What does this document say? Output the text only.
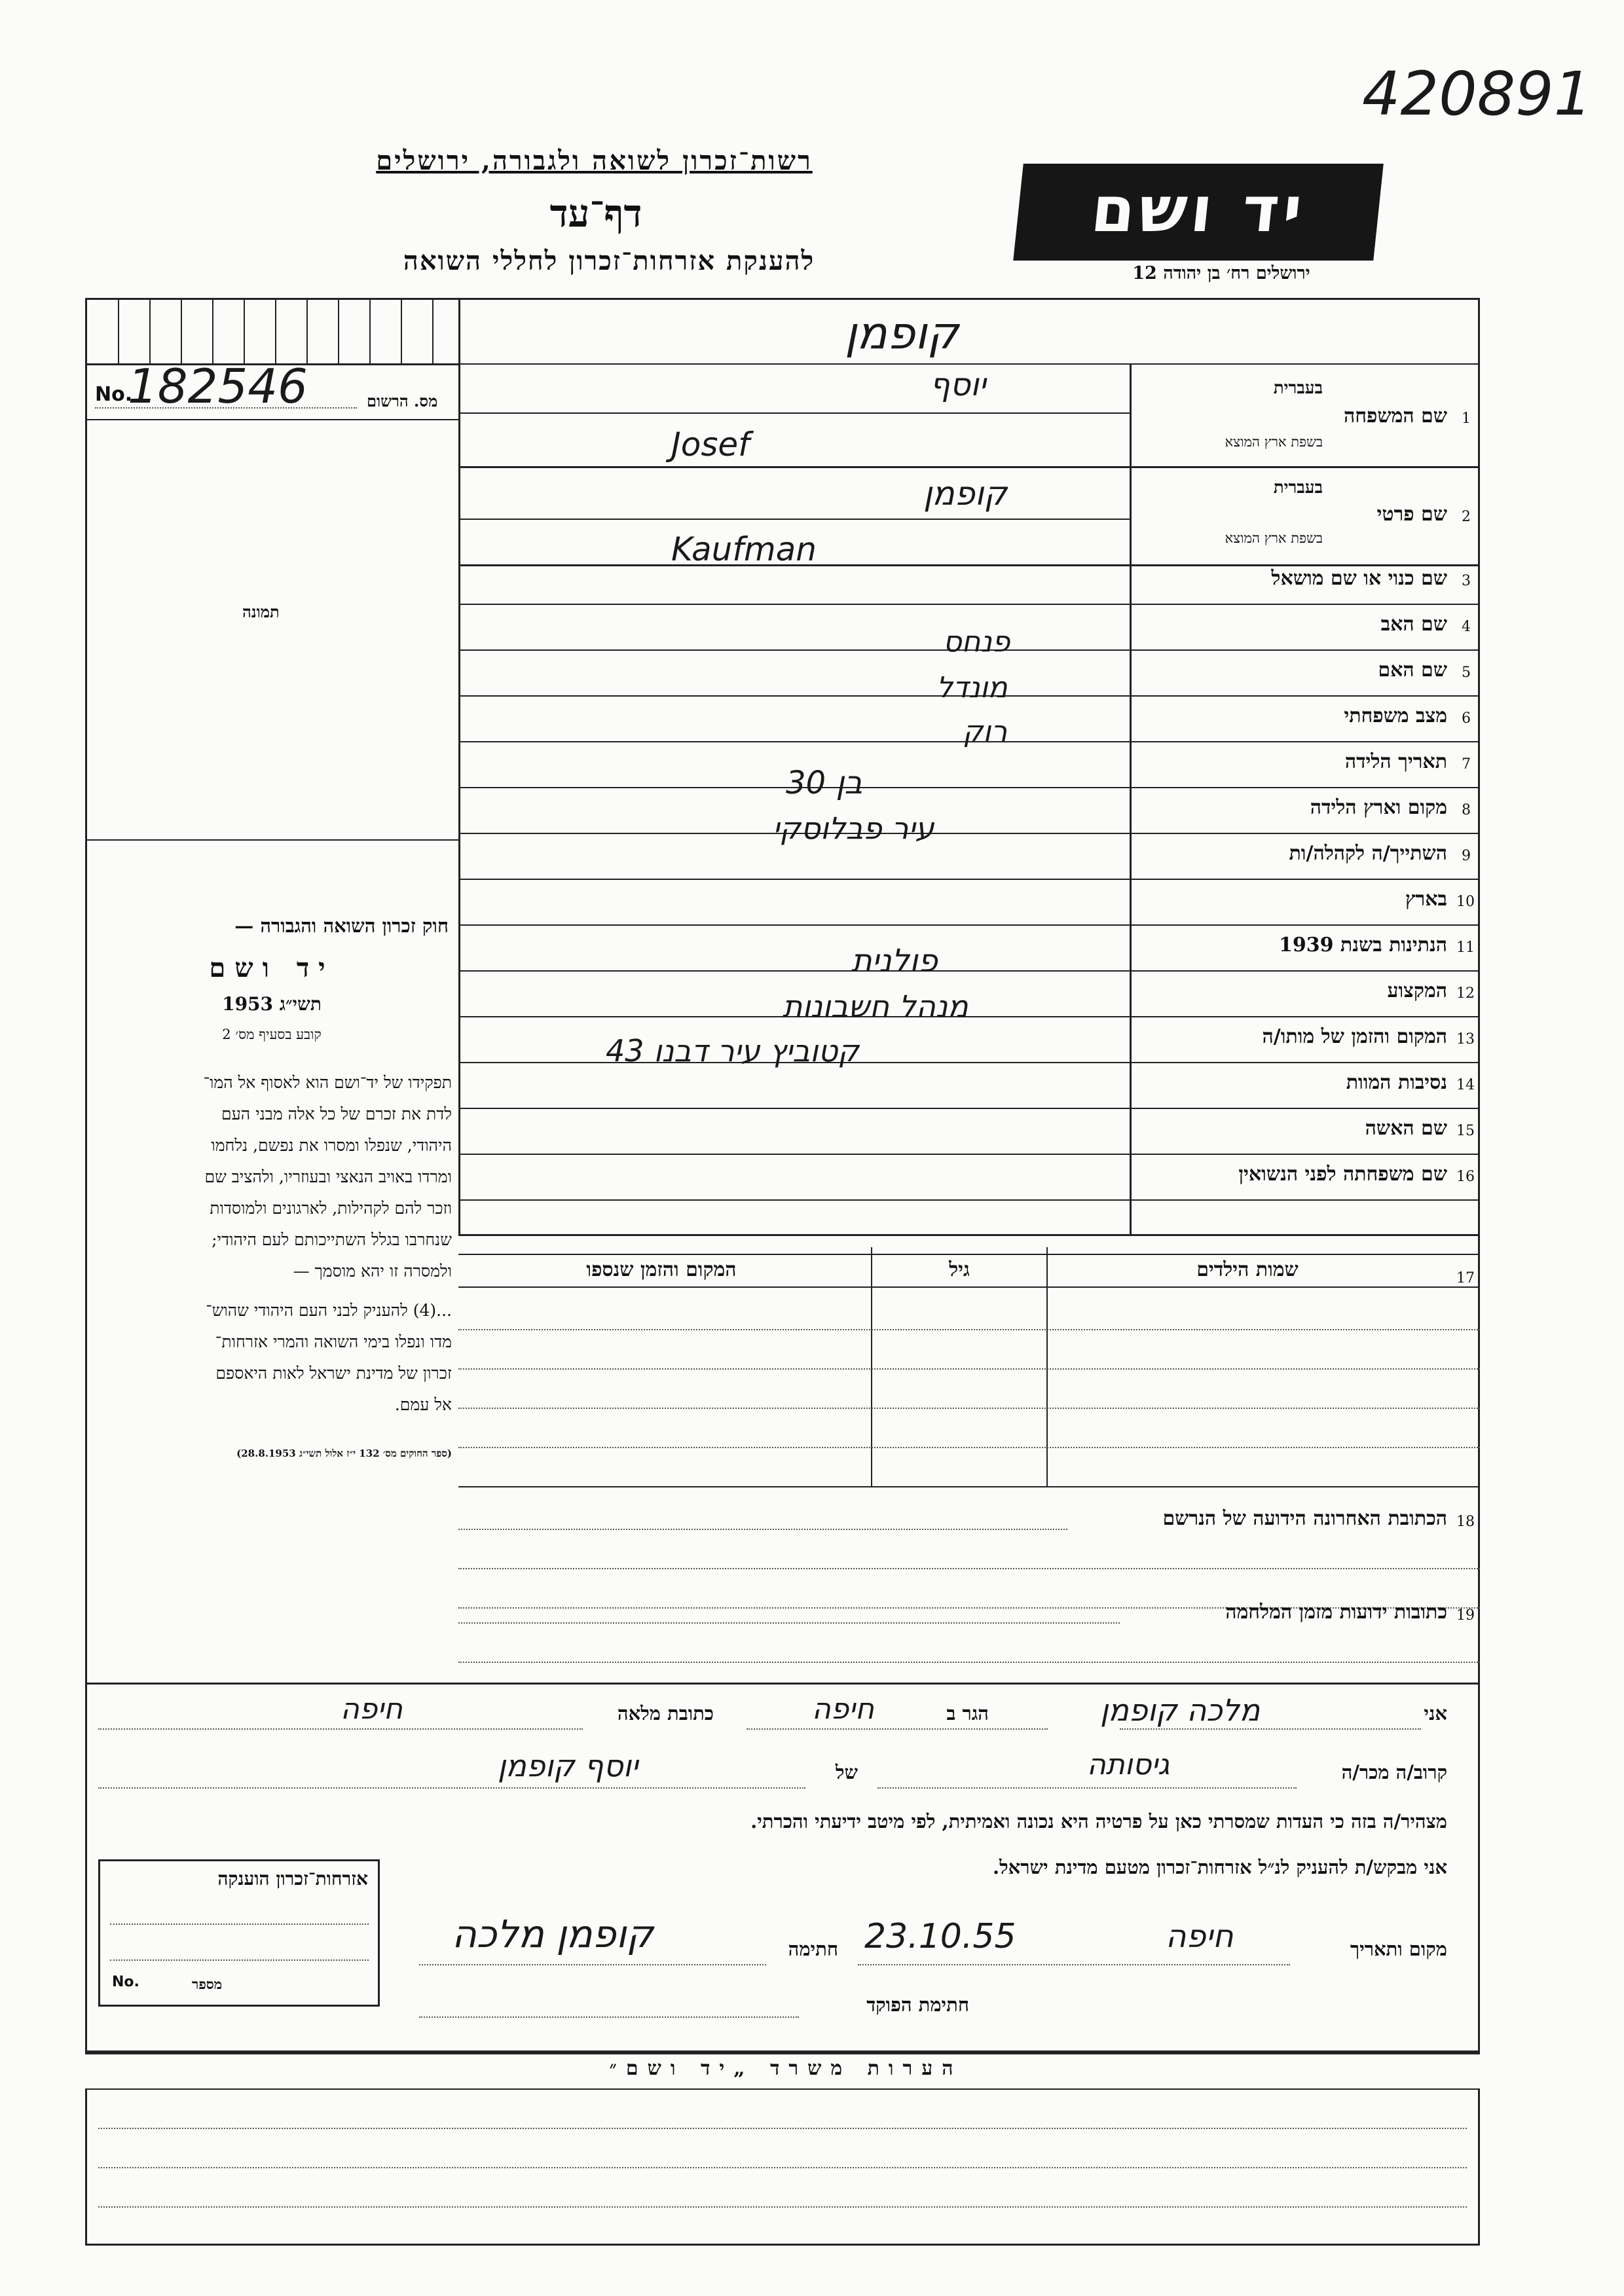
420891
רשות־זכרון לשואה ולגבורה, ירושלים
דף־עד
להענקת אזרחות־זכרון לחללי השואה
יד ושם
ירושלים רח׳ בן יהודה 12
No.
182546	מס. הרשום
תמונה
חוק זכרון השואה והגבורה —
יד ושם
תשי״ג 1953
קובע בסעיף מס׳ 2
תפקידו של יד־ושם הוא לאסוף אל המו־
לדת את זכרם של כל אלה מבני העם
היהודי, שנפלו ומסרו את נפשם, נלחמו
ומרדו באויב הנאצי ובעוזריו, ולהציב שם
וזכר להם לקהילות, לארגונים ולמוסדות
שנחרבו בגלל השתייכותם לעם היהודי;
ולמסרה זו יהא מוסמך —
...(4) להעניק לבני העם היהודי שהוש־
מדו ונפלו בימי השואה והמרי אזרחות־
זכרון של מדינת ישראל לאות היאספם
אל עמם.
(ספר החוקים מס׳ 132 י״ז אלול תשי״ג 28.8.1953)
קופמן
1
שם המשפחה
בעברית
בשפת ארץ המוצא
יוסף
Josef
2
שם פרטי
בעברית
בשפת ארץ המוצא
קופמן
Kaufman
3
שם כנוי או שם מושאל
4
שם האב
פנחס
5
שם האם
מונדל
6
מצב משפחתי
רוק
7
תאריך הלידה
בן 30
8
מקום וארץ הלידה
עיר פבלוסקי
9
השתייך/ה לקהלה/ות
10
בארץ
11
הנתינות בשנת 1939
פולנית
12
המקצוע
מנהל חשבונות
13
המקום והזמן של מותו/ה
קטוביץ עיר דבנו 43
14
נסיבות המוות
15
שם האשה
16
שם משפחתה לפני הנשואין
17
שמות הילדים
גיל
המקום והזמן שנספו
18
הכתובת האחרונה הידועה של הנרשם
19
כתובות ידועות מזמן המלחמה
אני
מלכה קופמן
הגר ב
חיפה
כתובת מלאה
חיפה
קרוב/ה מכר/ה
גיסותה
של
יוסף קופמן
מצהיר/ה בזה כי העדות שמסרתי כאן על פרטיה היא נכונה ואמיתית, לפי מיטב ידיעתי והכרתי.
אני מבקש/ת להעניק לנ״ל אזרחות־זכרון מטעם מדינת ישראל.
אזרחות־זכרון הוענקה
No.	מספר
מקום ותאריך
חיפה
23.10.55
חתימה
קופמן מלכה
חתימת הפוקד
הערות משרד „יד ושם״
